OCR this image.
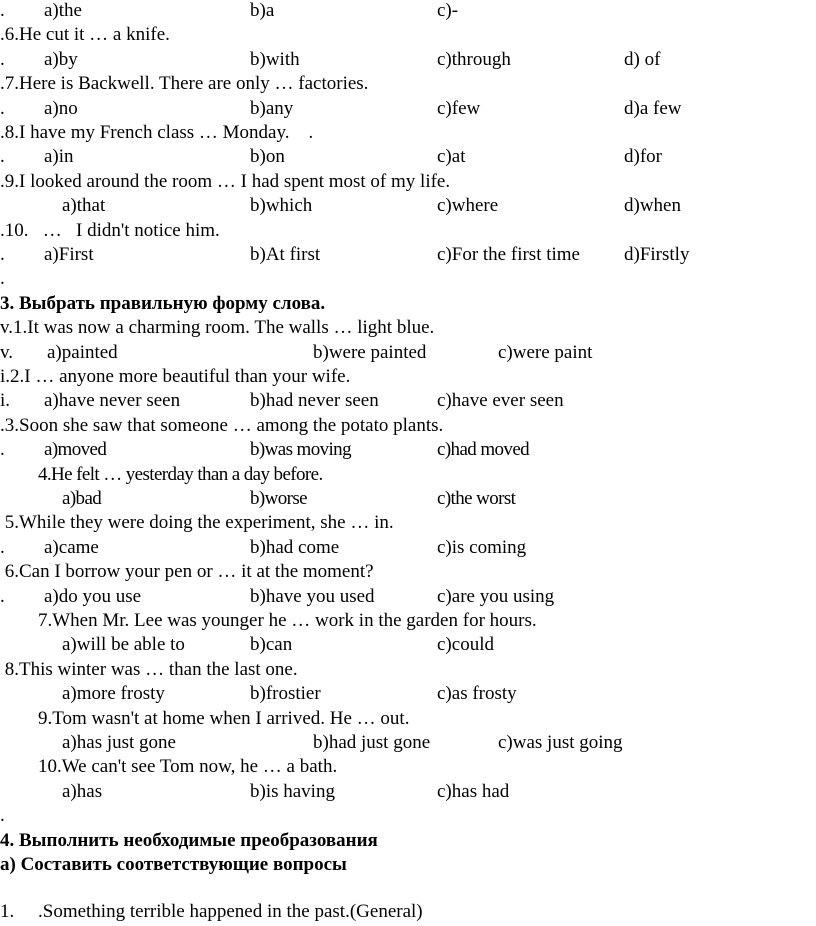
. a)the	b)a	c)-
.6.He cut it … a knife.
. a)by	b)with	c)through	d) of
.7.Here is Backwell. There are only … factories.
. a)no	b)any	c)few	d)a few
.8.I have my French class … Monday.    .
. a)in	b)on	c)at	d)for
.9.I looked around the room … I had spent most of my life.
a)that	b)which	c)where	d)when
.10.   …   I didn't notice him.
. a)First	b)At first	c)For the first time d)Firstly
.
3. Выбрать правильную форму слова.
v.1.It was now a charming room. The walls … light blue.
v. a)painted	b)were painted	c)were paint
i.2.I … anyone more beautiful than your wife.
i. a)have never seen	b)had never seen	c)have ever seen
.3.Soon she saw that someone … among the potato plants.
. a)moved	b)was moving	c)had moved
4.He felt … yesterday than a day before.
a)bad	b)worse	c)the worst
5.While they were doing the experiment, she … in.
. a)came	b)had come	c)is coming
6.Can I borrow your pen or … it at the moment?
. a)do you use	b)have you used	c)are you using
7.When Mr. Lee was younger he … work in the garden for hours.
a)will be able to	b)can	c)could
8.This winter was … than the last one.
a)more frosty	b)frostier	c)as frosty
9.Tom wasn't at home when I arrived. He … out.
a)has just gone	b)had just gone	c)was just going
10.We can't see Tom now, he … a bath.
a)has	b)is having	c)has had
.
4. Выполнить необходимые преобразования
а) Составить соответствующие вопросы
1.     .Something terrible happened in the past.(General)
